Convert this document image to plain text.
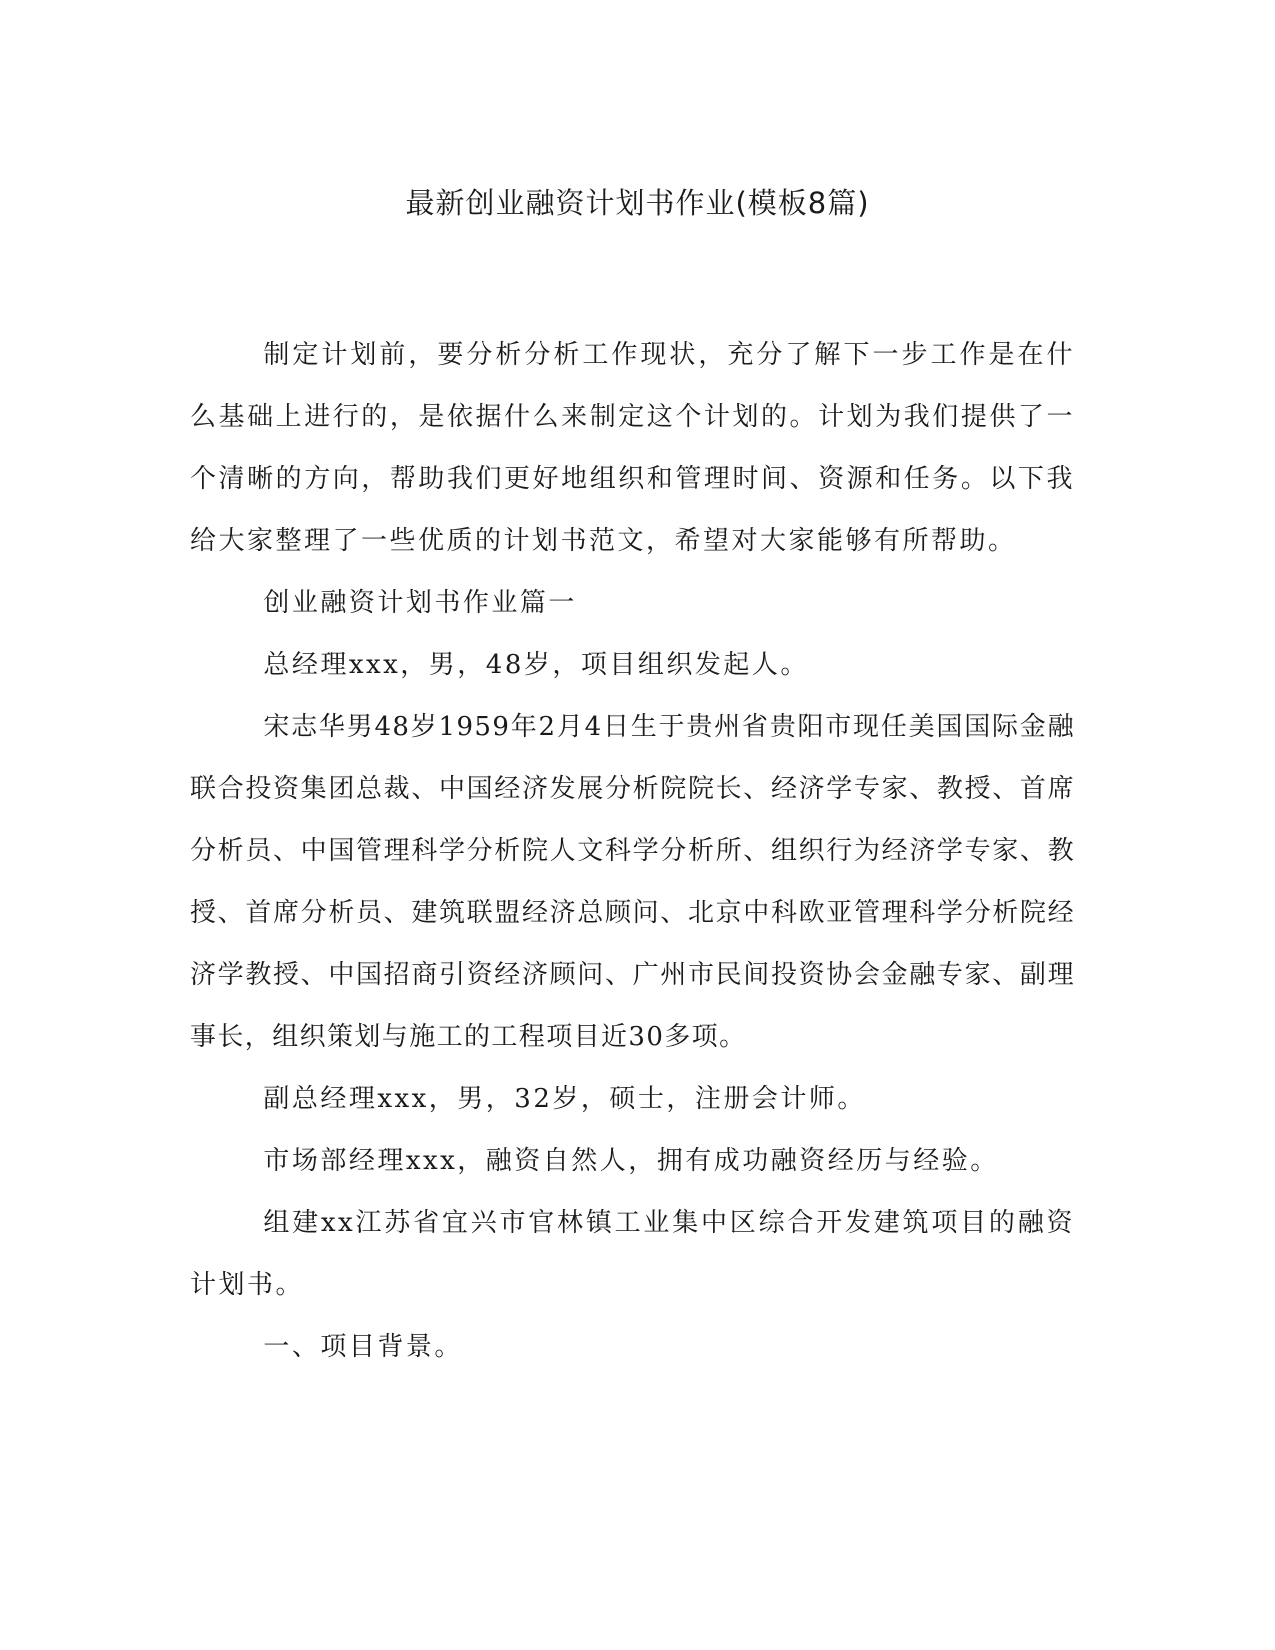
最新创业融资计划书作业(模板8篇)

制定计划前，要分析分析工作现状，充分了解下一步工作是在什么基础上进行的，是依据什么来制定这个计划的。计划为我们提供了一个清晰的方向，帮助我们更好地组织和管理时间、资源和任务。以下我给大家整理了一些优质的计划书范文，希望对大家能够有所帮助。

创业融资计划书作业篇一

总经理xxx，男，48岁，项目组织发起人。

宋志华男48岁1959年2月4日生于贵州省贵阳市现任美国国际金融联合投资集团总裁、中国经济发展分析院院长、经济学专家、教授、首席分析员、中国管理科学分析院人文科学分析所、组织行为经济学专家、教授、首席分析员、建筑联盟经济总顾问、北京中科欧亚管理科学分析院经济学教授、中国招商引资经济顾问、广州市民间投资协会金融专家、副理事长，组织策划与施工的工程项目近30多项。

副总经理xxx，男，32岁，硕士，注册会计师。

市场部经理xxx，融资自然人，拥有成功融资经历与经验。

组建xx江苏省宜兴市官林镇工业集中区综合开发建筑项目的融资计划书。

一、项目背景。
